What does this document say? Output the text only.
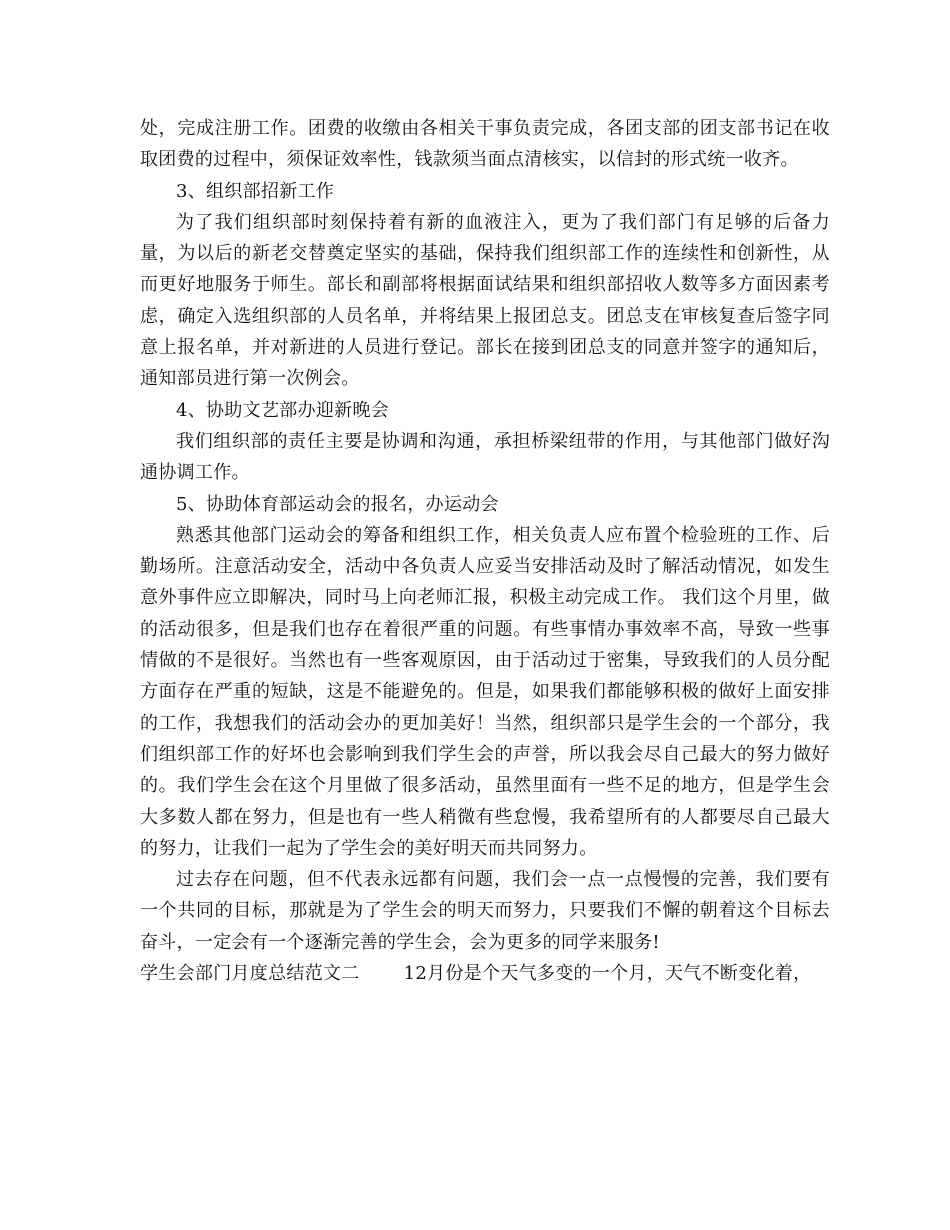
处，完成注册工作。团费的收缴由各相关干事负责完成，各团支部的团支部书记在收取团费的过程中，须保证效率性，钱款须当面点清核实，以信封的形式统一收齐。

3、组织部招新工作

为了我们组织部时刻保持着有新的血液注入，更为了我们部门有足够的后备力量，为以后的新老交替奠定坚实的基础，保持我们组织部工作的连续性和创新性，从而更好地服务于师生。部长和副部将根据面试结果和组织部招收人数等多方面因素考虑，确定入选组织部的人员名单，并将结果上报团总支。团总支在审核复查后签字同意上报名单，并对新进的人员进行登记。部长在接到团总支的同意并签字的通知后，通知部员进行第一次例会。

4、协助文艺部办迎新晚会

我们组织部的责任主要是协调和沟通，承担桥梁纽带的作用，与其他部门做好沟通协调工作。

5、协助体育部运动会的报名，办运动会

熟悉其他部门运动会的筹备和组织工作，相关负责人应布置个检验班的工作、后勤场所。注意活动安全，活动中各负责人应妥当安排活动及时了解活动情况，如发生意外事件应立即解决，同时马上向老师汇报，积极主动完成工作。 我们这个月里，做的活动很多，但是我们也存在着很严重的问题。有些事情办事效率不高，导致一些事情做的不是很好。当然也有一些客观原因，由于活动过于密集，导致我们的人员分配方面存在严重的短缺，这是不能避免的。但是，如果我们都能够积极的做好上面安排的工作，我想我们的活动会办的更加美好！当然，组织部只是学生会的一个部分，我们组织部工作的好坏也会影响到我们学生会的声誉，所以我会尽自己最大的努力做好的。我们学生会在这个月里做了很多活动，虽然里面有一些不足的地方，但是学生会大多数人都在努力，但是也有一些人稍微有些怠慢，我希望所有的人都要尽自己最大的努力，让我们一起为了学生会的美好明天而共同努力。

过去存在问题，但不代表永远都有问题，我们会一点一点慢慢的完善，我们要有一个共同的目标，那就是为了学生会的明天而努力，只要我们不懈的朝着这个目标去奋斗，一定会有一个逐渐完善的学生会，会为更多的同学来服务!

学生会部门月度总结范文二 12月份是个天气多变的一个月，天气不断变化着，
